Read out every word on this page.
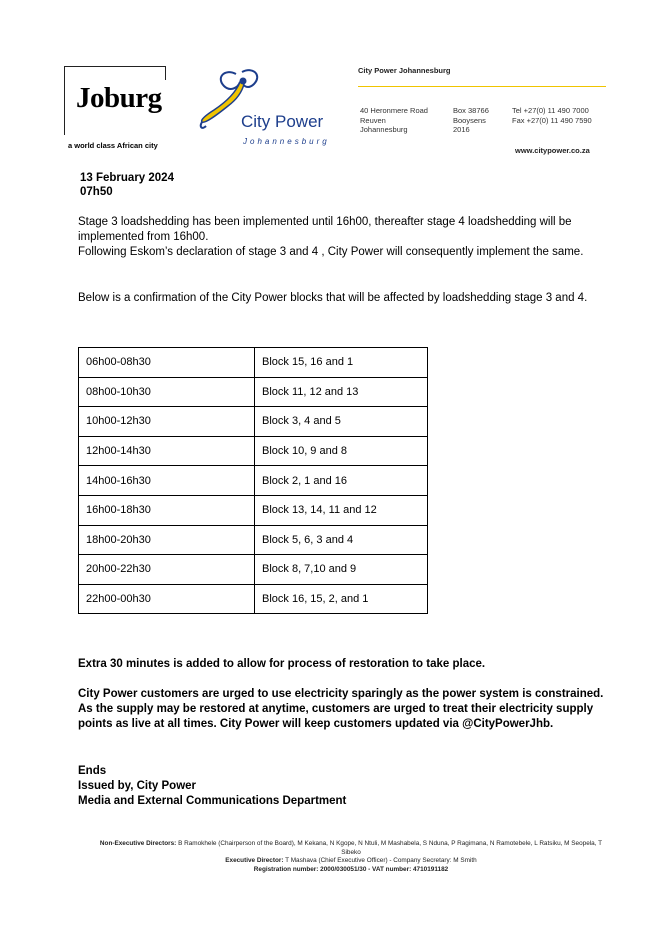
Joburg
a world class African city
City Power
Johannesburg
City Power Johannesburg
40 Heronmere Road
Reuven
Johannesburg
Box 38766
Booysens
2016
Tel +27(0) 11 490 7000
Fax +27(0) 11 490 7590
www.citypower.co.za
13 February 2024
07h50
Stage 3 loadshedding has been implemented until 16h00, thereafter stage 4 loadshedding will be implemented from 16h00.
Following Eskom’s declaration of stage 3 and 4 , City Power will consequently implement the same.
Below is a confirmation of the City Power blocks that will be affected by loadshedding stage 3 and 4.
06h00-08h30	Block 15, 16 and 1
08h00-10h30	Block 11, 12 and 13
10h00-12h30	Block 3, 4 and 5
12h00-14h30	Block 10, 9 and 8
14h00-16h30	Block 2, 1 and 16
16h00-18h30	Block 13, 14, 11 and 12
18h00-20h30	Block 5, 6, 3 and 4
20h00-22h30	Block 8, 7,10 and 9
22h00-00h30	Block 16, 15, 2, and 1
Extra 30 minutes is added to allow for process of restoration to take place.
City Power customers are urged to use electricity sparingly as the power system is constrained. As the supply may be restored at anytime, customers are urged to treat their electricity supply points as live at all times. City Power will keep customers updated via @CityPowerJhb.
Ends
Issued by, City Power
Media and External Communications Department
Non-Executive Directors: B Ramokhele (Chairperson of the Board), M Kekana, N Kgope, N Ntuli, M Mashabela, S Nduna, P Ragimana, N Ramotebele, L Ratsiku, M Seopela, T Sibeko
Executive Director: T Mashava (Chief Executive Officer) - Company Secretary: M Smith
Registration number: 2000/030051/30 - VAT number: 4710191182
